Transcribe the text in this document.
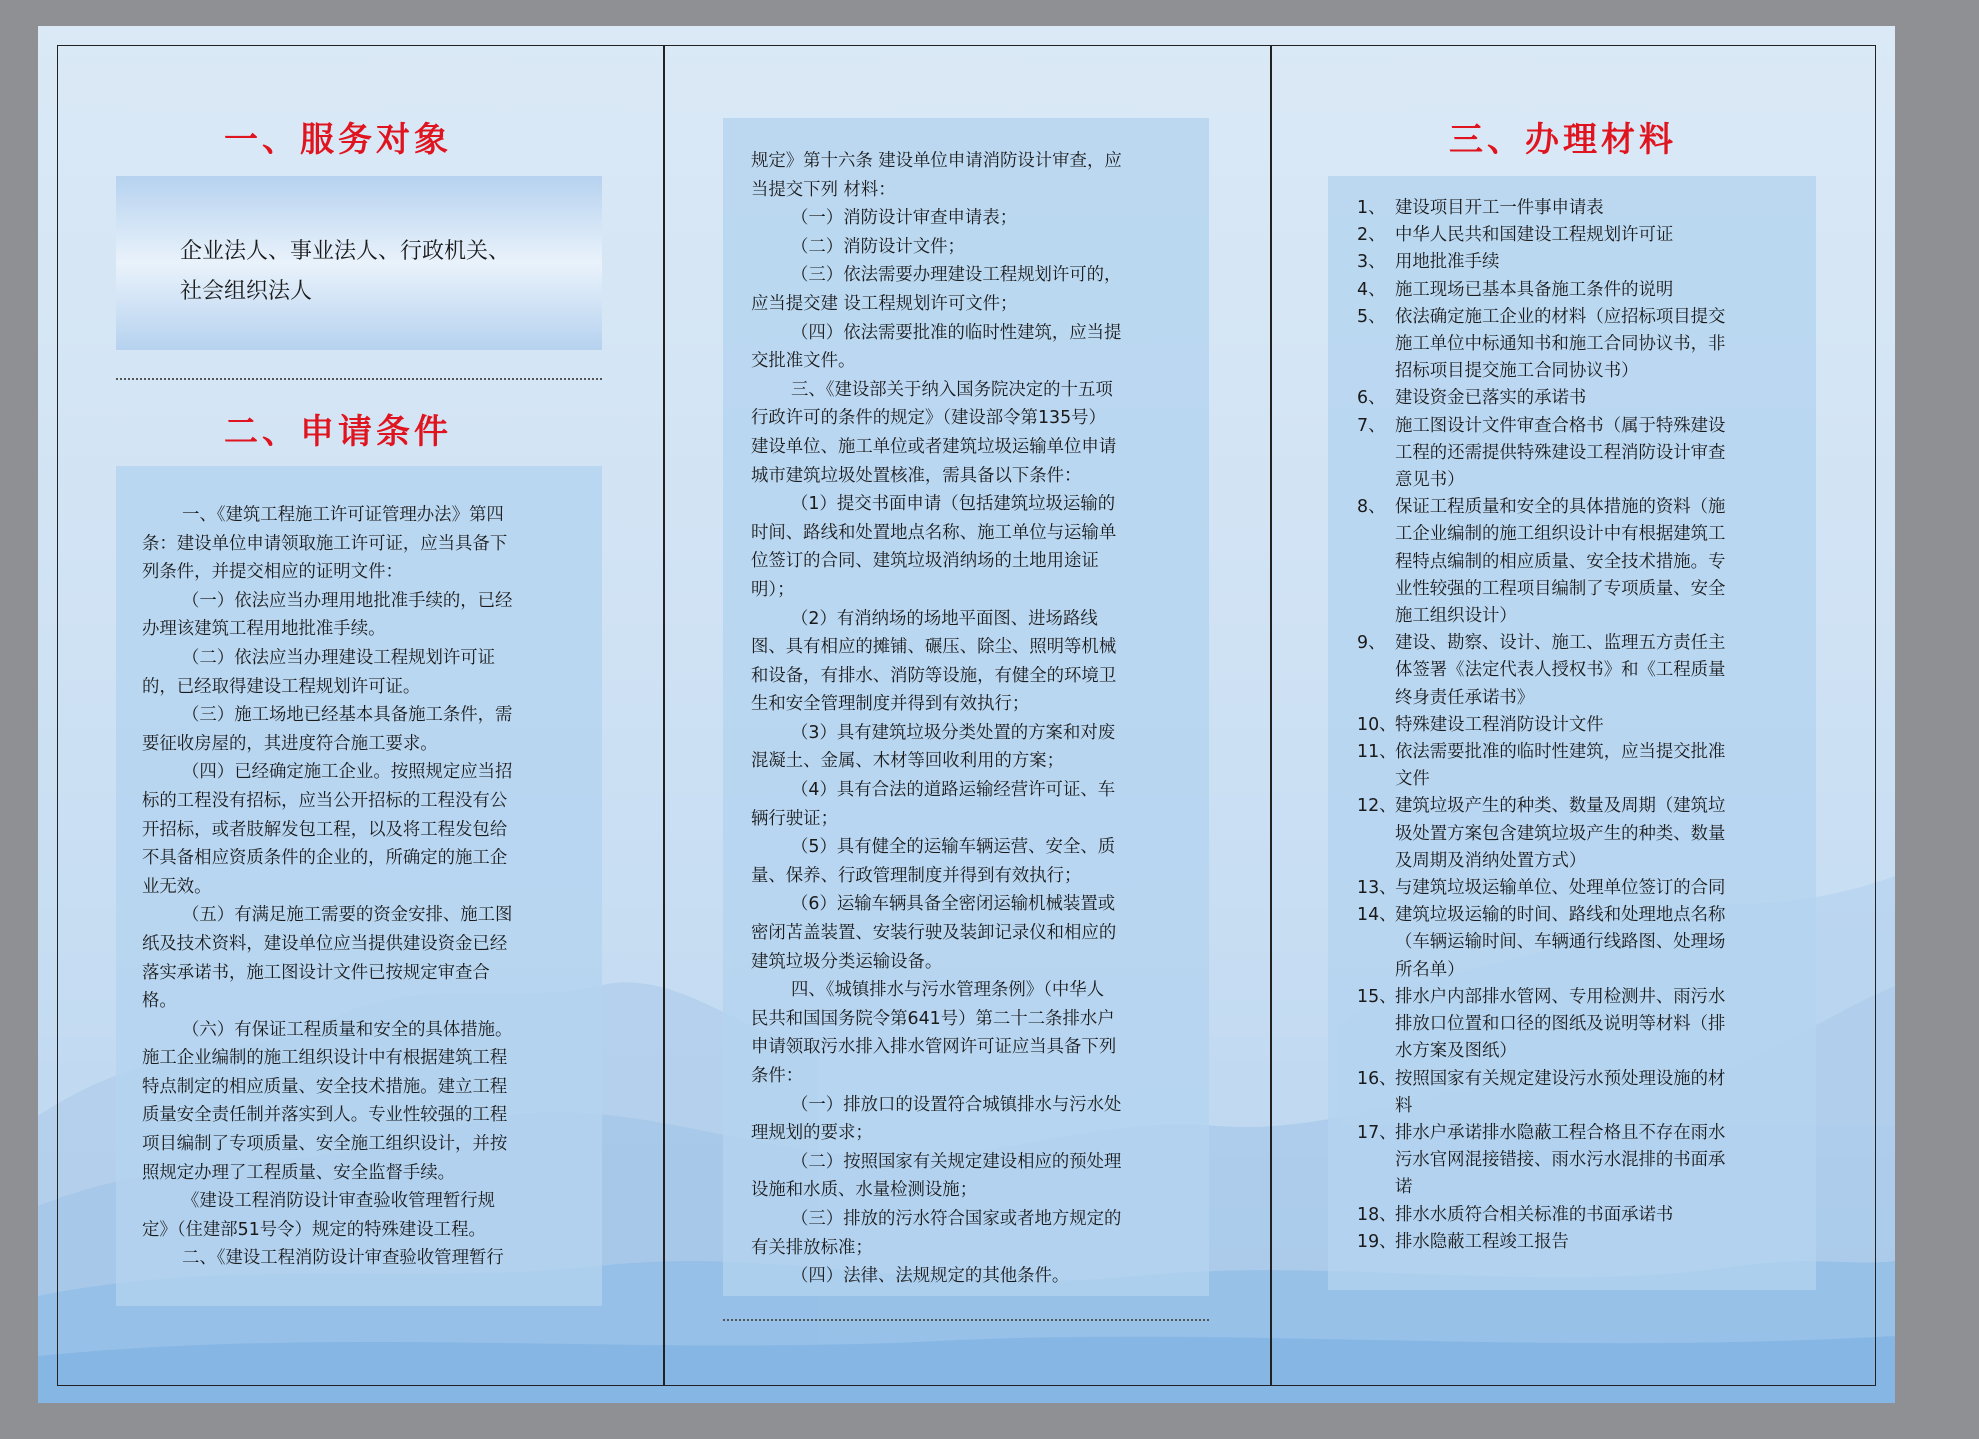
一、服务对象

企业法人、事业法人、行政机关、

社会组织法人

二、申请条件

一、《建筑工程施工许可证管理办法》第四

条：建设单位申请领取施工许可证，应当具备下

列条件，并提交相应的证明文件：

（一）依法应当办理用地批准手续的，已经

办理该建筑工程用地批准手续。

（二）依法应当办理建设工程规划许可证

的，已经取得建设工程规划许可证。

（三）施工场地已经基本具备施工条件，需

要征收房屋的，其进度符合施工要求。

（四）已经确定施工企业。按照规定应当招

标的工程没有招标，应当公开招标的工程没有公

开招标，或者肢解发包工程，以及将工程发包给

不具备相应资质条件的企业的，所确定的施工企

业无效。

（五）有满足施工需要的资金安排、施工图

纸及技术资料，建设单位应当提供建设资金已经

落实承诺书，施工图设计文件已按规定审查合

格。

（六）有保证工程质量和安全的具体措施。

施工企业编制的施工组织设计中有根据建筑工程

特点制定的相应质量、安全技术措施。建立工程

质量安全责任制并落实到人。专业性较强的工程

项目编制了专项质量、安全施工组织设计，并按

照规定办理了工程质量、安全监督手续。

《建设工程消防设计审查验收管理暂行规

定》（住建部51号令）规定的特殊建设工程。

二、《建设工程消防设计审查验收管理暂行

规定》第十六条 建设单位申请消防设计审查，应

当提交下列 材料：

（一）消防设计审查申请表；

（二）消防设计文件；

（三）依法需要办理建设工程规划许可的，

应当提交建 设工程规划许可文件；

（四）依法需要批准的临时性建筑，应当提

交批准文件。

三、《建设部关于纳入国务院决定的十五项

行政许可的条件的规定》（建设部令第135号）

建设单位、施工单位或者建筑垃圾运输单位申请

城市建筑垃圾处置核准，需具备以下条件：

（1）提交书面申请（包括建筑垃圾运输的

时间、路线和处置地点名称、施工单位与运输单

位签订的合同、建筑垃圾消纳场的土地用途证

明）；

（2）有消纳场的场地平面图、进场路线

图、具有相应的摊铺、碾压、除尘、照明等机械

和设备，有排水、消防等设施，有健全的环境卫

生和安全管理制度并得到有效执行；

（3）具有建筑垃圾分类处置的方案和对废

混凝土、金属、木材等回收利用的方案；

（4）具有合法的道路运输经营许可证、车

辆行驶证；

（5）具有健全的运输车辆运营、安全、质

量、保养、行政管理制度并得到有效执行；

（6）运输车辆具备全密闭运输机械装置或

密闭苫盖装置、安装行驶及装卸记录仪和相应的

建筑垃圾分类运输设备。

四、《城镇排水与污水管理条例》（中华人

民共和国国务院令第641号）第二十二条排水户

申请领取污水排入排水管网许可证应当具备下列

条件：

（一）排放口的设置符合城镇排水与污水处

理规划的要求；

（二）按照国家有关规定建设相应的预处理

设施和水质、水量检测设施；

（三）排放的污水符合国家或者地方规定的

有关排放标准；

（四）法律、法规规定的其他条件。

三、办理材料
1、 建设项目开工一件事申请表
2、 中华人民共和国建设工程规划许可证
3、 用地批准手续
4、 施工现场已基本具备施工条件的说明
5、 依法确定施工企业的材料（应招标项目提交
施工单位中标通知书和施工合同协议书，非
招标项目提交施工合同协议书）
6、 建设资金已落实的承诺书
7、 施工图设计文件审查合格书（属于特殊建设
工程的还需提供特殊建设工程消防设计审查
意见书）
8、 保证工程质量和安全的具体措施的资料（施
工企业编制的施工组织设计中有根据建筑工
程特点编制的相应质量、安全技术措施。专
业性较强的工程项目编制了专项质量、安全
施工组织设计）
9、 建设、勘察、设计、施工、监理五方责任主
体签署《法定代表人授权书》和《工程质量
终身责任承诺书》
10、
特殊建设工程消防设计文件
11、
依法需要批准的临时性建筑，应当提交批准
文件
12、
建筑垃圾产生的种类、数量及周期（建筑垃
圾处置方案包含建筑垃圾产生的种类、数量
及周期及消纳处置方式）
13、
与建筑垃圾运输单位、处理单位签订的合同
14、
建筑垃圾运输的时间、路线和处理地点名称
（车辆运输时间、车辆通行线路图、处理场
所名单）
15、
排水户内部排水管网、专用检测井、雨污水
排放口位置和口径的图纸及说明等材料（排
水方案及图纸）
16、
按照国家有关规定建设污水预处理设施的材
料
17、
排水户承诺排水隐蔽工程合格且不存在雨水
污水官网混接错接、雨水污水混排的书面承
诺
18、
排水水质符合相关标准的书面承诺书
19、
排水隐蔽工程竣工报告
